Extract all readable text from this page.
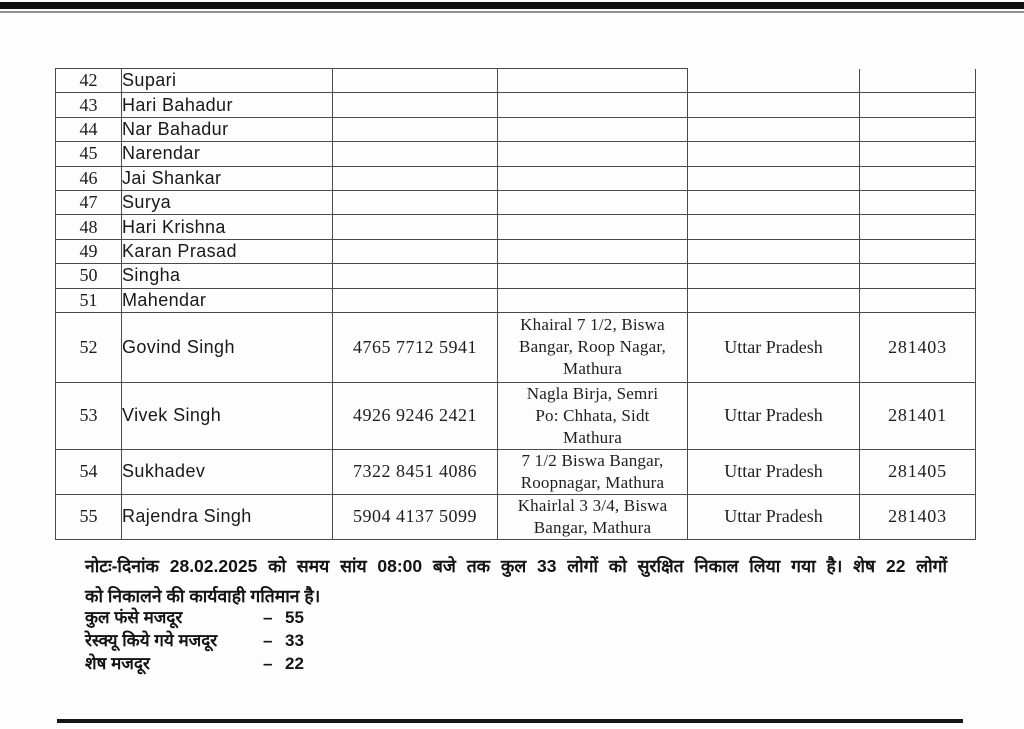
42	Supari				
43	Hari Bahadur				
44	Nar Bahadur				
45	Narendar				
46	Jai Shankar				
47	Surya				
48	Hari Krishna				
49	Karan Prasad				
50	Singha				
51	Mahendar				
52	Govind Singh	4765 7712 5941	Khairal 7 1/2, Biswa
Bangar, Roop Nagar,
Mathura	Uttar Pradesh	281403
53	Vivek Singh	4926 9246 2421	Nagla Birja, Semri
Po: Chhata, Sidt
Mathura	Uttar Pradesh	281401
54	Sukhadev	7322 8451 4086	7 1/2 Biswa Bangar,
Roopnagar, Mathura	Uttar Pradesh	281405
55	Rajendra Singh	5904 4137 5099	Khairlal 3 3/4, Biswa
Bangar, Mathura	Uttar Pradesh	281403
नोटः-दिनांक 28.02.2025 को समय सांय 08:00 बजे तक कुल 33 लोगों को सुरक्षित निकाल लिया गया है। शेष 22 लोगों
को निकालने की कार्यवाही गतिमान है।
कुल फंसे मजदूर	– 55
रेस्क्यू किये गये मजदूर	– 33
शेष मजदूर	– 22
